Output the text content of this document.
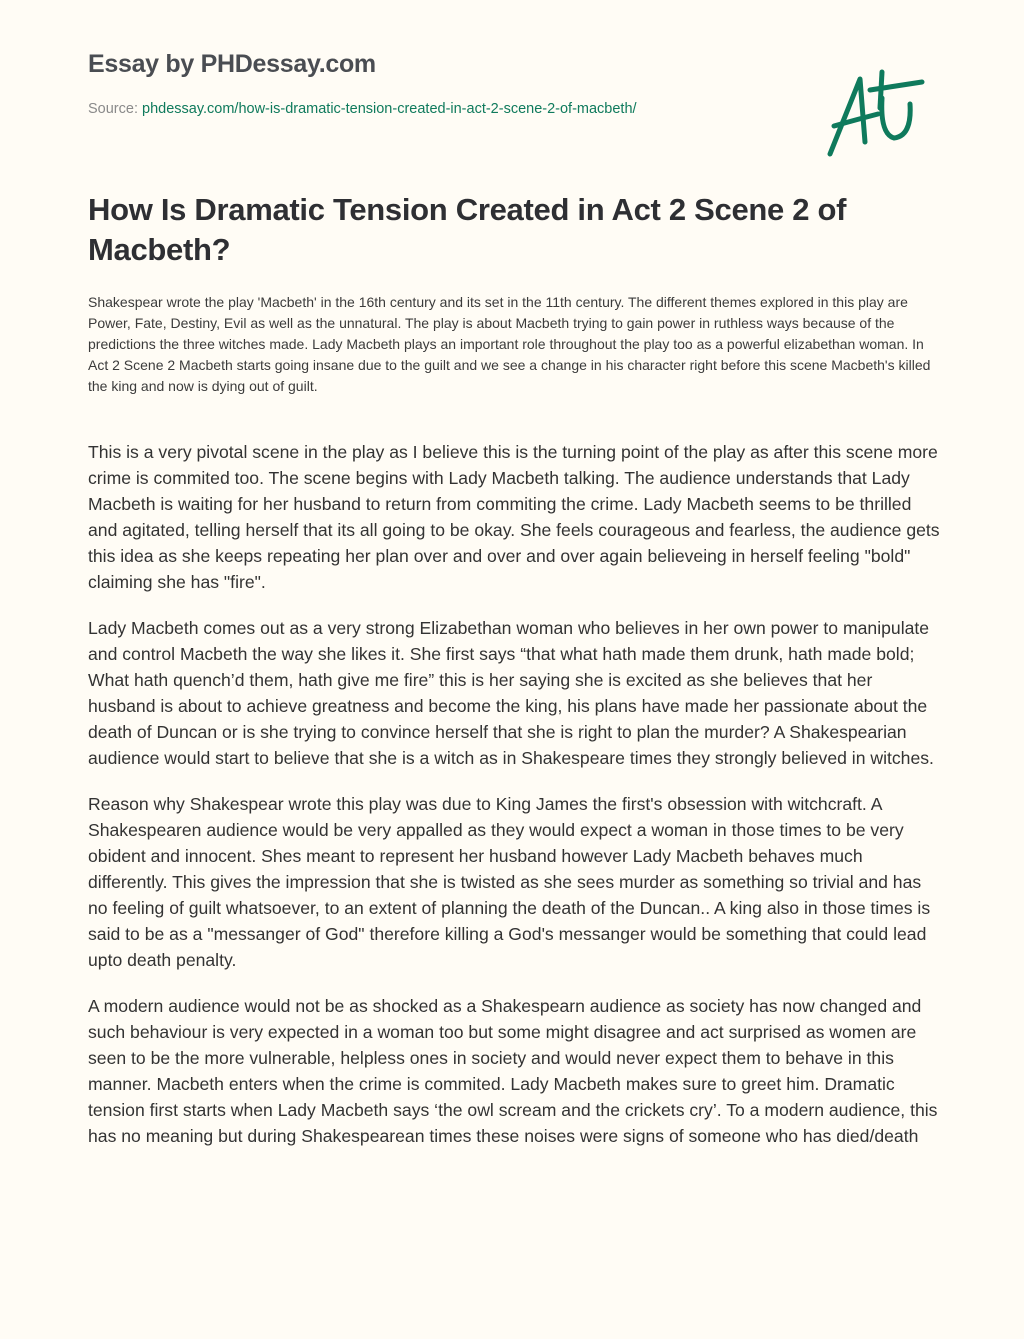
Essay by PHDessay.com
Source: phdessay.com/how-is-dramatic-tension-created-in-act-2-scene-2-of-macbeth/
How Is Dramatic Tension Created in Act 2 Scene 2 of Macbeth?

Shakespear wrote the play 'Macbeth' in the 16th century and its set in the 11th century. The different themes explored in this play are Power, Fate, Destiny, Evil as well as the unnatural. The play is about Macbeth trying to gain power in ruthless ways because of the predictions the three witches made. Lady Macbeth plays an important role throughout the play too as a powerful elizabethan woman. In Act 2 Scene 2 Macbeth starts going insane due to the guilt and we see a change in his character right before this scene Macbeth's killed the king and now is dying out of guilt.

This is a very pivotal scene in the play as I believe this is the turning point of the play as after this scene more crime is commited too. The scene begins with Lady Macbeth talking. The audience understands that Lady Macbeth is waiting for her husband to return from commiting the crime. Lady Macbeth seems to be thrilled and agitated, telling herself that its all going to be okay. She feels courageous and fearless, the audience gets this idea as she keeps repeating her plan over and over and over again believeing in herself feeling "bold" claiming she has "fire".

Lady Macbeth comes out as a very strong Elizabethan woman who believes in her own power to manipulate and control Macbeth the way she likes it. She first says “that what hath made them drunk, hath made bold; What hath quench’d them, hath give me fire” this is her saying she is excited as she believes that her husband is about to achieve greatness and become the king, his plans have made her passionate about the death of Duncan or is she trying to convince herself that she is right to plan the murder? A Shakespearian audience would start to believe that she is a witch as in Shakespeare times they strongly believed in witches.

Reason why Shakespear wrote this play was due to King James the first's obsession with witchcraft. A Shakespearen audience would be very appalled as they would expect a woman in those times to be very obident and innocent. Shes meant to represent her husband however Lady Macbeth behaves much differently. This gives the impression that she is twisted as she sees murder as something so trivial and has no feeling of guilt whatsoever, to an extent of planning the death of the Duncan.. A king also in those times is said to be as a "messanger of God" therefore killing a God's messanger would be something that could lead upto death penalty.

A modern audience would not be as shocked as a Shakespearn audience as society has now changed and such behaviour is very expected in a woman too but some might disagree and act surprised as women are seen to be the more vulnerable, helpless ones in society and would never expect them to behave in this manner. Macbeth enters when the crime is commited. Lady Macbeth makes sure to greet him. Dramatic tension first starts when Lady Macbeth says ‘the owl scream and the crickets cry’. To a modern audience, this has no meaning but during Shakespearean times these noises were signs of someone who has died/death
